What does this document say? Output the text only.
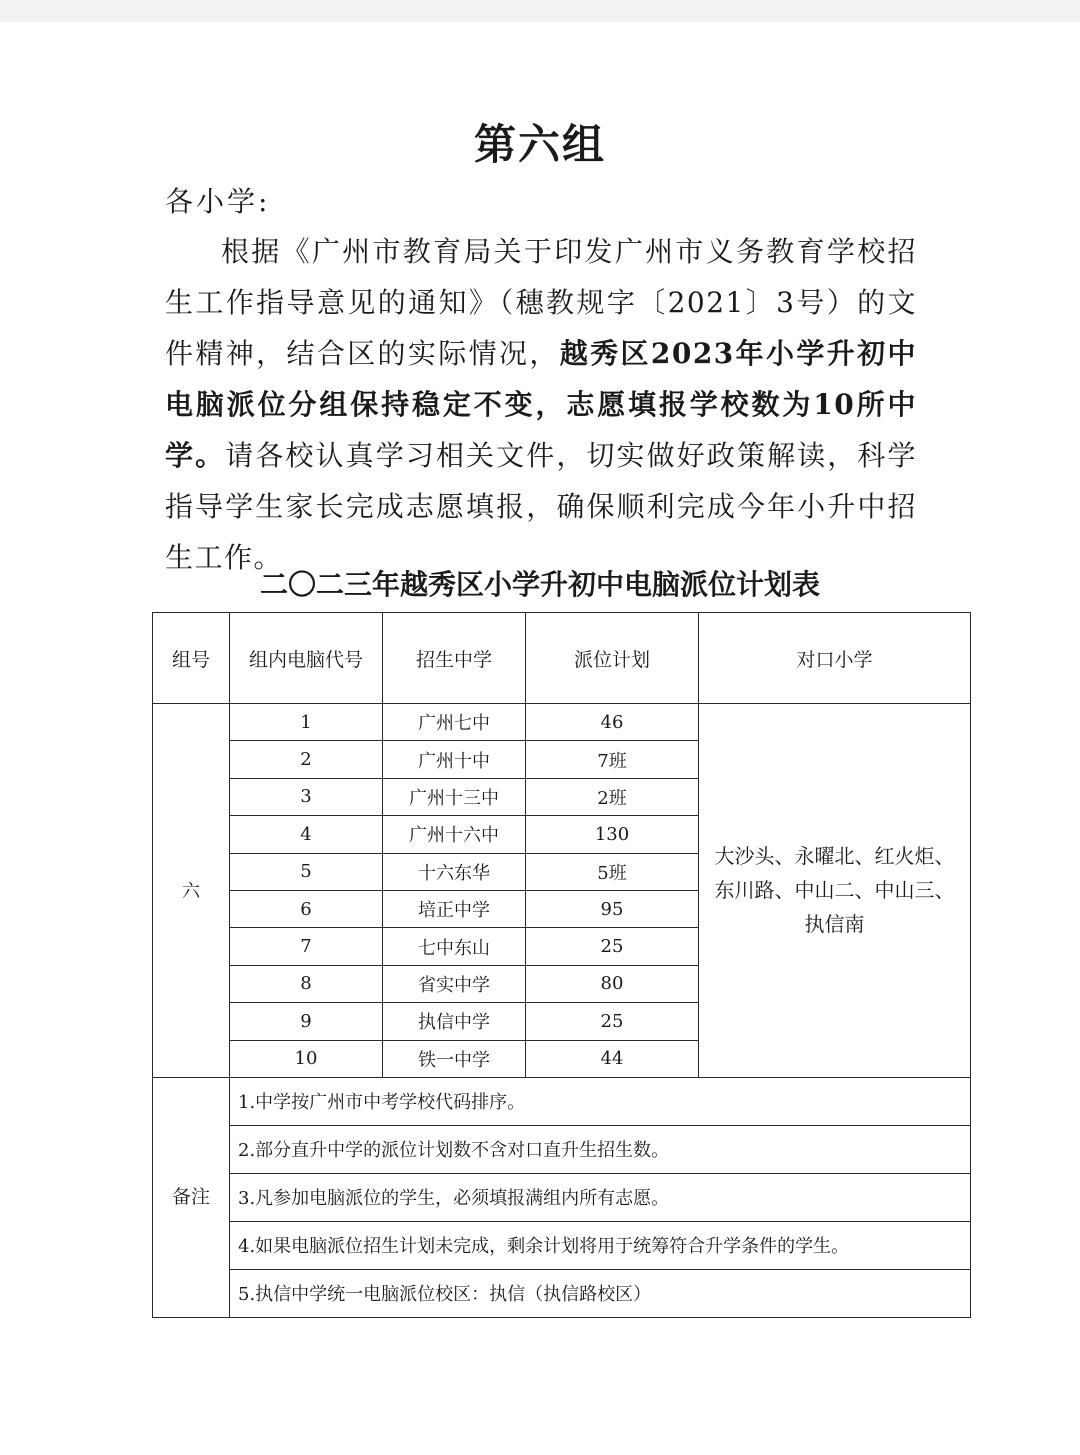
第六组
各小学:
根据《广州市教育局关于印发广州市义务教育学校招生工作指导意见的通知》（穗教规字〔2021〕3号）的文件精神，结合区的实际情况，越秀区2023年小学升初中电脑派位分组保持稳定不变，志愿填报学校数为10所中学。请各校认真学习相关文件，切实做好政策解读，科学指导学生家长完成志愿填报，确保顺利完成今年小升中招生工作。
二〇二三年越秀区小学升初中电脑派位计划表
组号	组内电脑代号	招生中学	派位计划	对口小学
六	1	广州七中	46	大沙头、永曜北、红火炬、东川路、中山二、中山三、执信南
	2	广州十中	7班	
	3	广州十三中	2班	
	4	广州十六中	130	
	5	十六东华	5班	
	6	培正中学	95	
	7	七中东山	25	
	8	省实中学	80	
	9	执信中学	25	
	10	铁一中学	44	
备注	1.中学按广州市中考学校代码排序。			
	2.部分直升中学的派位计划数不含对口直升生招生数。			
	3.凡参加电脑派位的学生，必须填报满组内所有志愿。			
	4.如果电脑派位招生计划未完成，剩余计划将用于统筹符合升学条件的学生。			
	5.执信中学统一电脑派位校区：执信（执信路校区）			
